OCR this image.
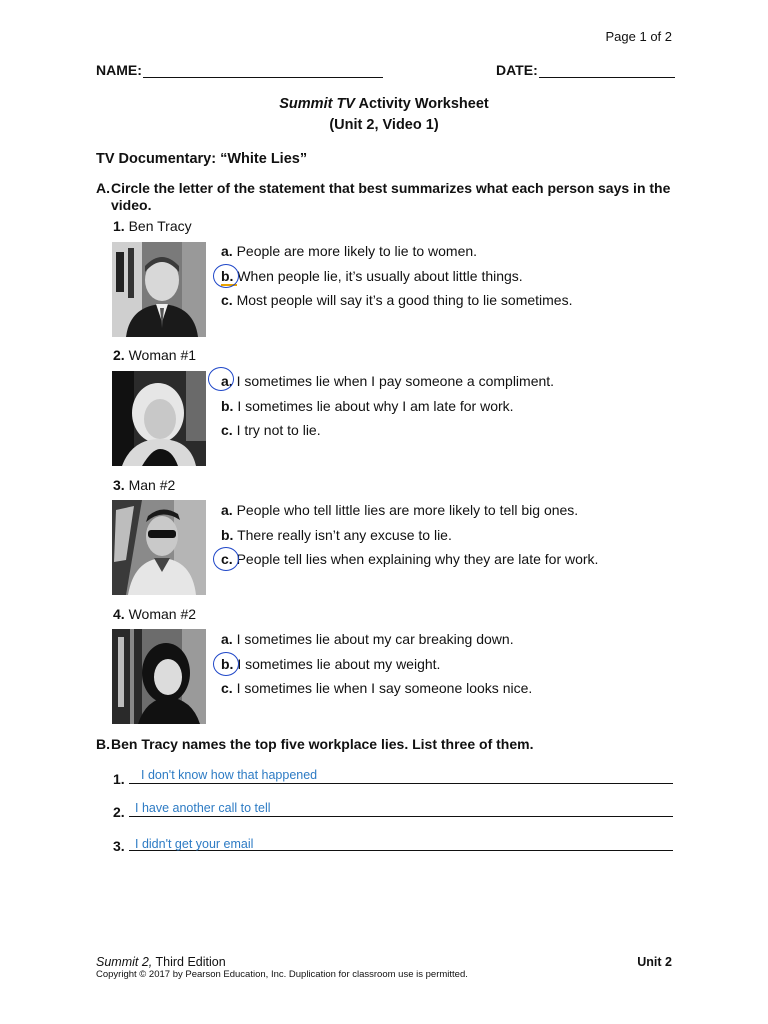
Page 1 of 2
NAME:	DATE:
Summit TV Activity Worksheet
(Unit 2, Video 1)
TV Documentary: “White Lies”
A. Circle the letter of the statement that best summarizes what each person says in the video.
1. Ben Tracy
a. People are more likely to lie to women.
b. When people lie, it’s usually about little things.
c. Most people will say it’s a good thing to lie sometimes.
2. Woman #1
a. I sometimes lie when I pay someone a compliment.
b. I sometimes lie about why I am late for work.
c. I try not to lie.
3. Man #2
a. People who tell little lies are more likely to tell big ones.
b. There really isn’t any excuse to lie.
c. People tell lies when explaining why they are late for work.
4. Woman #2
a. I sometimes lie about my car breaking down.
b. I sometimes lie about my weight.
c. I sometimes lie when I say someone looks nice.
B. Ben Tracy names the top five workplace lies. List three of them.
1. I don't know how that happened
2. I have another call to tell
3. I didn't get your email
Summit 2, Third Edition
Copyright © 2017 by Pearson Education, Inc. Duplication for classroom use is permitted.
Unit 2
